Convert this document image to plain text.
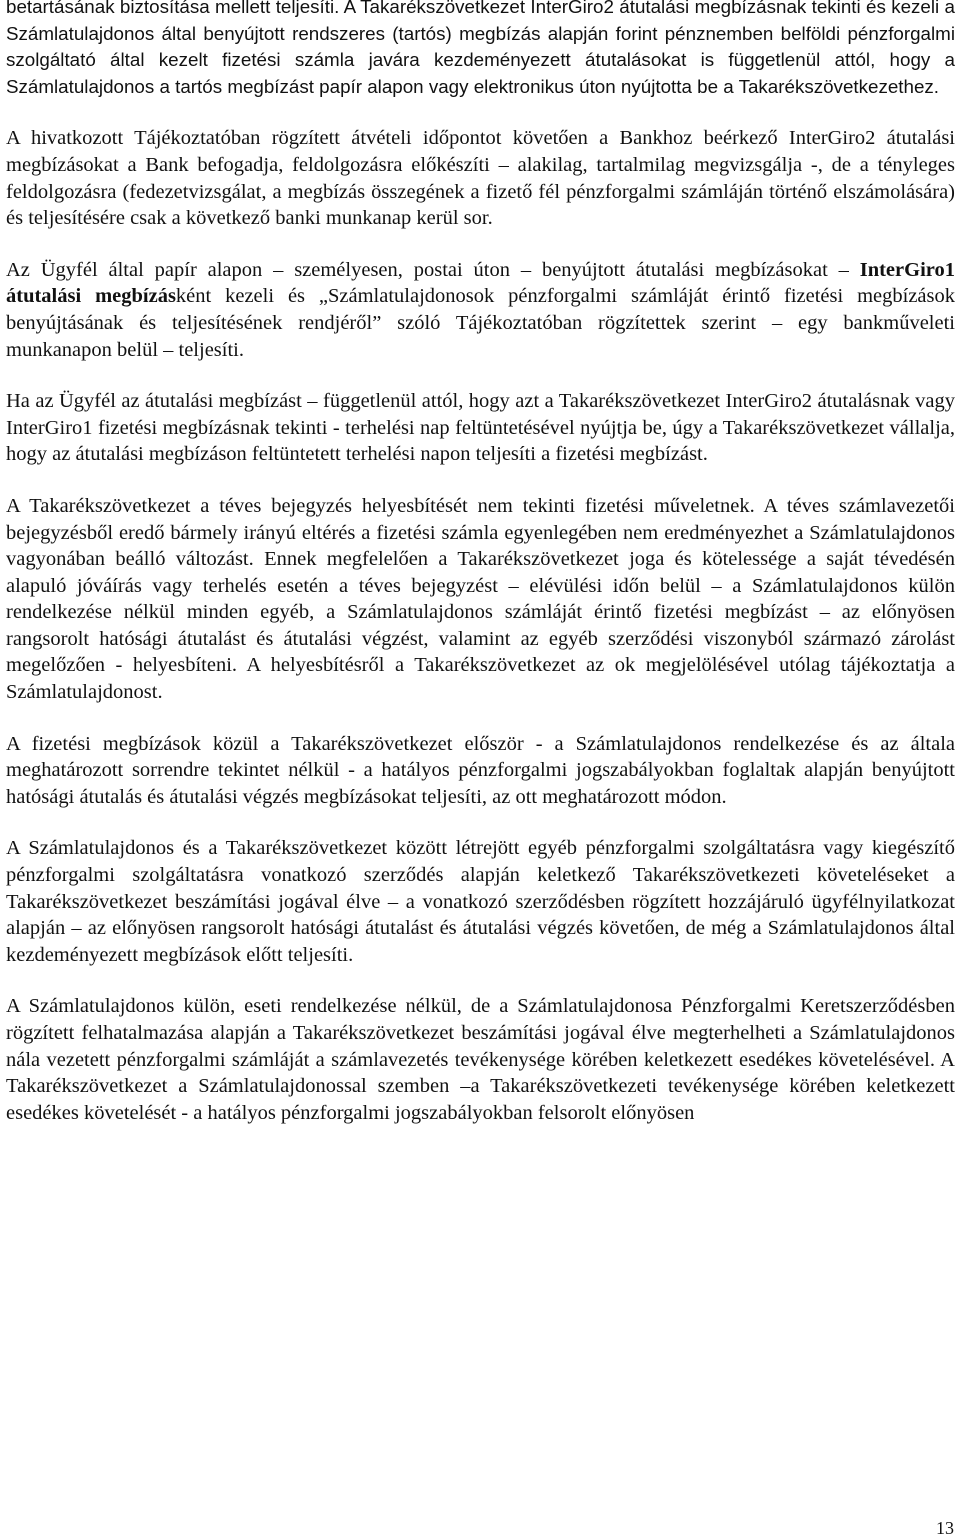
betartásának biztosítása mellett teljesíti. A Takarékszövetkezet InterGiro2 átutalási megbízásnak tekinti és kezeli a Számlatulajdonos által benyújtott rendszeres (tartós) megbízás alapján forint pénznemben belföldi pénzforgalmi szolgáltató által kezelt fizetési számla javára kezdeményezett átutalásokat is függetlenül attól, hogy a Számlatulajdonos a tartós megbízást papír alapon vagy elektronikus úton nyújtotta be a Takarékszövetkezethez.

A hivatkozott Tájékoztatóban rögzített átvételi időpontot követően a Bankhoz beérkező InterGiro2 átutalási megbízásokat a Bank befogadja, feldolgozásra előkészíti – alakilag, tartalmilag megvizsgálja -, de a tényleges feldolgozásra (fedezetvizsgálat, a megbízás összegének a fizető fél pénzforgalmi számláján történő elszámolására) és teljesítésére csak a következő banki munkanap kerül sor.

Az Ügyfél által papír alapon – személyesen, postai úton – benyújtott átutalási megbízásokat – InterGiro1 átutalási megbízásként kezeli és „Számlatulajdonosok pénzforgalmi számláját érintő fizetési megbízások benyújtásának és teljesítésének rendjéről” szóló Tájékoztatóban rögzítettek szerint – egy bankműveleti munkanapon belül – teljesíti.

Ha az Ügyfél az átutalási megbízást – függetlenül attól, hogy azt a Takarékszövetkezet InterGiro2 átutalásnak vagy InterGiro1 fizetési megbízásnak tekinti - terhelési nap feltüntetésével nyújtja be, úgy a Takarékszövetkezet vállalja, hogy az átutalási megbízáson feltüntetett terhelési napon teljesíti a fizetési megbízást.

A Takarékszövetkezet a téves bejegyzés helyesbítését nem tekinti fizetési műveletnek. A téves számlavezetői bejegyzésből eredő bármely irányú eltérés a fizetési számla egyenlegében nem eredményezhet a Számlatulajdonos vagyonában beálló változást. Ennek megfelelően a Takarékszövetkezet joga és kötelessége a saját tévedésén alapuló jóváírás vagy terhelés esetén a téves bejegyzést – elévülési időn belül – a Számlatulajdonos külön rendelkezése nélkül minden egyéb, a Számlatulajdonos számláját érintő fizetési megbízást – az előnyösen rangsorolt hatósági átutalást és átutalási végzést, valamint az egyéb szerződési viszonyból származó zárolást megelőzően - helyesbíteni. A helyesbítésről a Takarékszövetkezet az ok megjelölésével utólag tájékoztatja a Számlatulajdonost.

A fizetési megbízások közül a Takarékszövetkezet először - a Számlatulajdonos rendelkezése és az általa meghatározott sorrendre tekintet nélkül - a hatályos pénzforgalmi jogszabályokban foglaltak alapján benyújtott hatósági átutalás és átutalási végzés megbízásokat teljesíti, az ott meghatározott módon.

A Számlatulajdonos és a Takarékszövetkezet között létrejött egyéb pénzforgalmi szolgáltatásra vagy kiegészítő pénzforgalmi szolgáltatásra vonatkozó szerződés alapján keletkező Takarékszövetkezeti követeléseket a Takarékszövetkezet beszámítási jogával élve – a vonatkozó szerződésben rögzített hozzájáruló ügyfélnyilatkozat alapján – az előnyösen rangsorolt hatósági átutalást és átutalási végzés követően, de még a Számlatulajdonos által kezdeményezett megbízások előtt teljesíti.

A Számlatulajdonos külön, eseti rendelkezése nélkül, de a Számlatulajdonosa Pénzforgalmi Keretszerződésben rögzített felhatalmazása alapján a Takarékszövetkezet beszámítási jogával élve megterhelheti a Számlatulajdonos nála vezetett pénzforgalmi számláját a számlavezetés tevékenysége körében keletkezett esedékes követelésével. A Takarékszövetkezet a Számlatulajdonossal szemben –a Takarékszövetkezeti tevékenysége körében keletkezett esedékes követelését - a hatályos pénzforgalmi jogszabályokban felsorolt előnyösen

13
